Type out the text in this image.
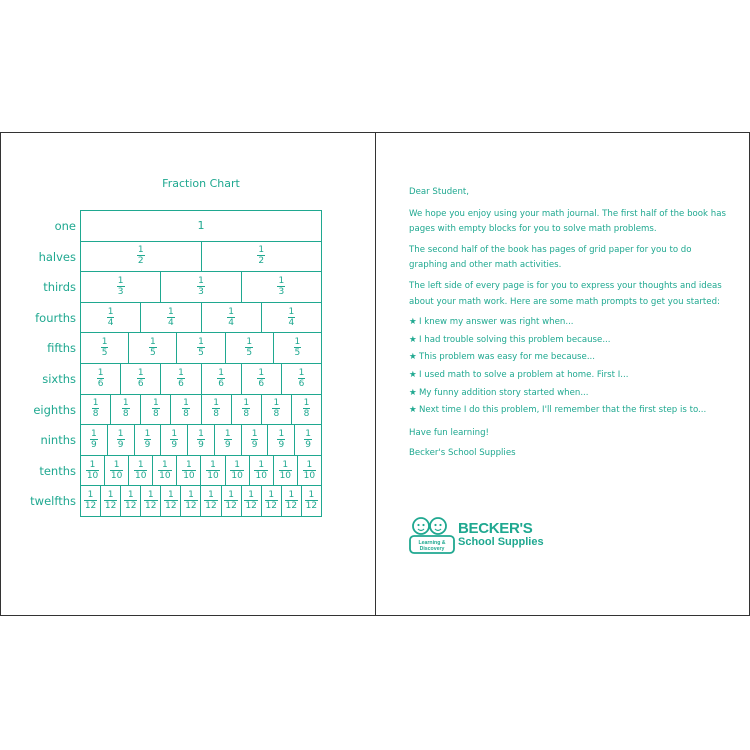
Fraction Chart
one	1
halves	$\frac{1}{2}$	$\frac{1}{2}$
thirds	$\frac{1}{3}$	$\frac{1}{3}$	$\frac{1}{3}$
fourths	$\frac{1}{4}$	$\frac{1}{4}$	$\frac{1}{4}$	$\frac{1}{4}$
fifths	$\frac{1}{5}$	$\frac{1}{5}$	$\frac{1}{5}$	$\frac{1}{5}$	$\frac{1}{5}$
sixths $\frac{1}{6}$	$\frac{1}{6}$	$\frac{1}{6}$	$\frac{1}{6}$	$\frac{1}{6}$	$\frac{1}{6}$
eighths $\frac{1}{8} \frac{1}{8} \frac{1}{8} \frac{1}{8} \frac{1}{8} \frac{1}{8} \frac{1}{8} \frac{1}{8}$
ninths $\frac{1}{9} \frac{1}{9} \frac{1}{9} \frac{1}{9} \frac{1}{9} \frac{1}{9} \frac{1}{9} \frac{1}{9} \frac{1}{9}$
tenths $\frac{1}{10} \frac{1}{10} \frac{1}{10} \frac{1}{10} \frac{1}{10} \frac{1}{10} \frac{1}{10} \frac{1}{10} \frac{1}{10} \frac{1}{10}$
twelfths $\frac{1}{12} \frac{1}{12} \frac{1}{12} \frac{1}{12} \frac{1}{12} \frac{1}{12} \frac{1}{12} \frac{1}{12} \frac{1}{12} \frac{1}{12} \frac{1}{12} \frac{1}{12}$

Dear Student,

We hope you enjoy using your math journal. The first half of the book has pages with empty blocks for you to solve math problems.

The second half of the book has pages of grid paper for you to do graphing and other math activities.

The left side of every page is for you to express your thoughts and ideas about your math work. Here are some math prompts to get you started:

★ I knew my answer was right when...
★ I had trouble solving this problem because...
★ This problem was easy for me because...
★ I used math to solve a problem at home. First I...
★ My funny addition story started when...
★ Next time I do this problem, I'll remember that the first step is to...

Have fun learning!

Becker's School Supplies

Learning &
Discovery
BECKER'S
School Supplies
